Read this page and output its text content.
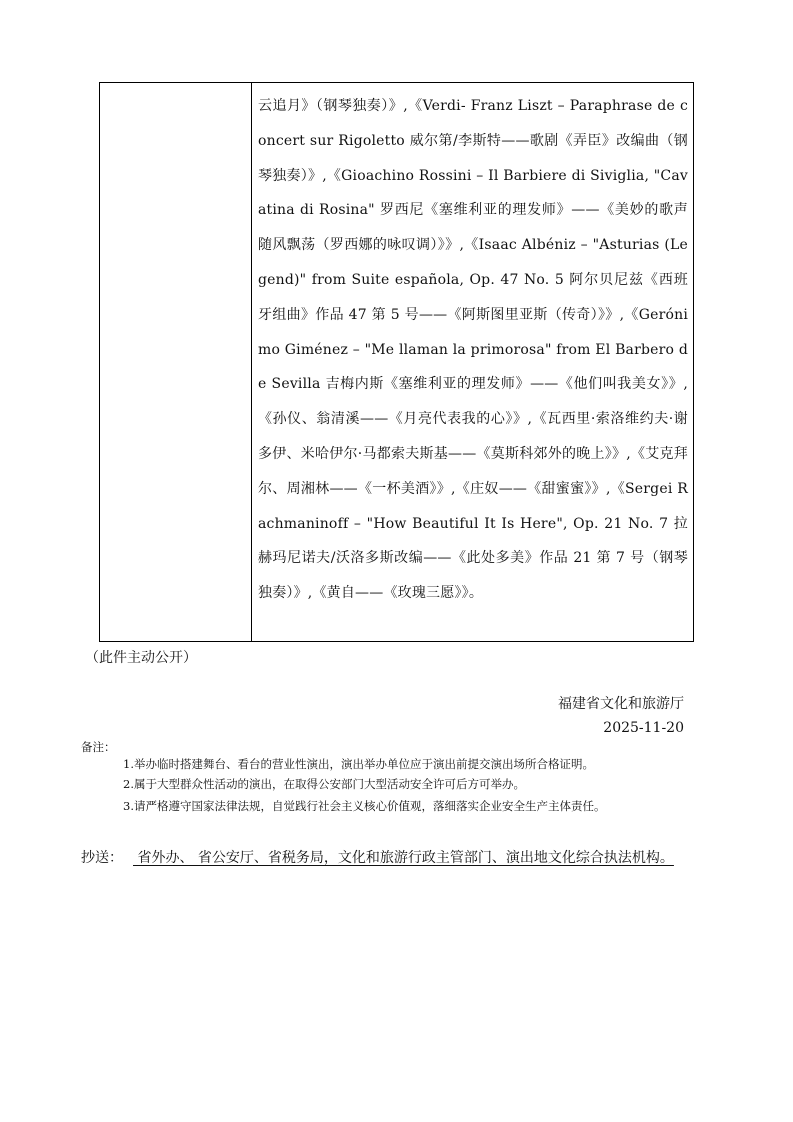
云追月》（钢琴独奏）》,《Verdi- Franz Liszt – Paraphrase de concert sur Rigoletto 威尔第/李斯特——歌剧《弄臣》改编曲（钢琴独奏）》,《Gioachino Rossini – Il Barbiere di Siviglia, "Cavatina di Rosina" 罗西尼《塞维利亚的理发师》——《美妙的歌声随风飘荡（罗西娜的咏叹调）》》,《Isaac Albéniz – "Asturias (Legend)" from Suite española, Op. 47 No. 5 阿尔贝尼兹《西班牙组曲》作品 47 第 5 号——《阿斯图里亚斯（传奇）》》,《Gerónimo Giménez – "Me llaman la primorosa" from El Barbero de Sevilla 吉梅内斯《塞维利亚的理发师》——《他们叫我美女》》,《孙仪、翁清溪——《月亮代表我的心》》,《瓦西里·索洛维约夫·谢多伊、米哈伊尔·马都索夫斯基——《莫斯科郊外的晚上》》,《艾克拜尔、周湘林——《一杯美酒》》,《庄奴——《甜蜜蜜》》,《Sergei Rachmaninoff – "How Beautiful It Is Here", Op. 21 No. 7 拉赫玛尼诺夫/沃洛多斯改编——《此处多美》作品 21 第 7 号（钢琴独奏）》,《黄自——《玫瑰三愿》》。

（此件主动公开）
福建省文化和旅游厅
2025-11-20
备注：
1.举办临时搭建舞台、看台的营业性演出，演出举办单位应于演出前提交演出场所合格证明。
2.属于大型群众性活动的演出，在取得公安部门大型活动安全许可后方可举办。
3.请严格遵守国家法律法规，自觉践行社会主义核心价值观，落细落实企业安全生产主体责任。
抄送： 省外办、 省公安厅、省税务局，文化和旅游行政主管部门、演出地文化综合执法机构。
